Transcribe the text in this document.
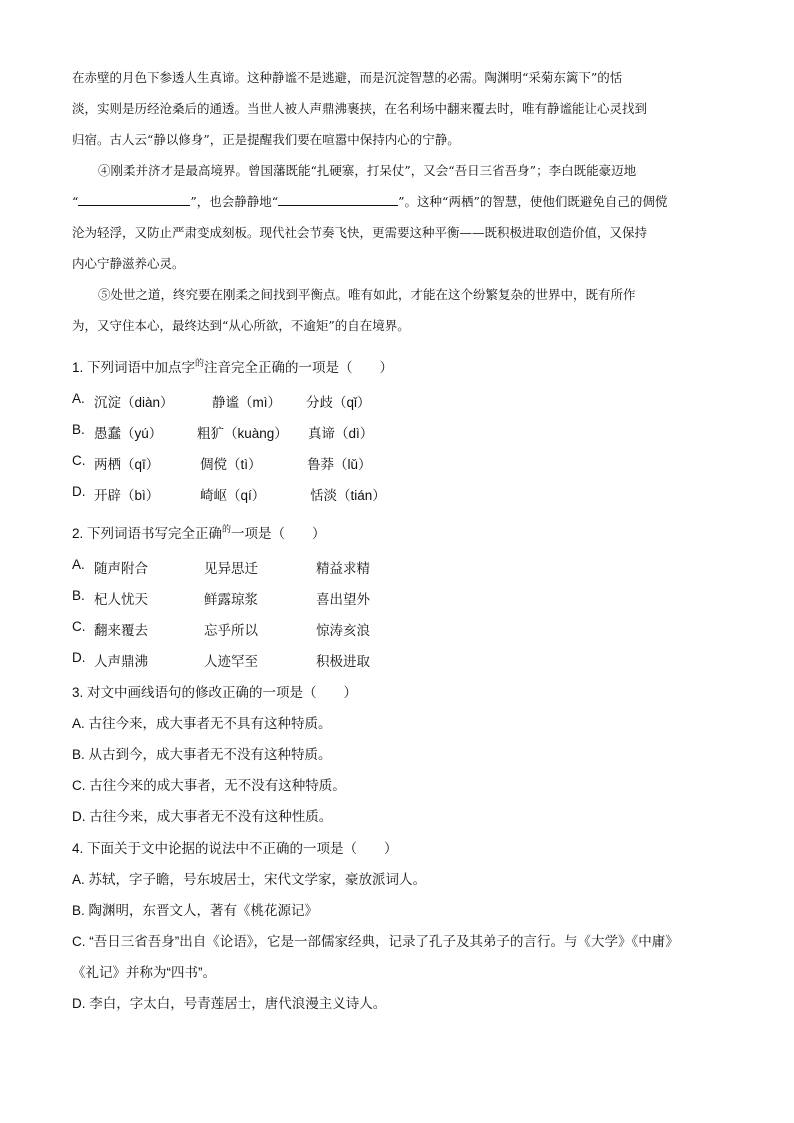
在赤壁的月色下参透人生真谛。这种静谧不是逃避，而是沉淀智慧的必需。陶渊明“采菊东篱下”的恬
淡，实则是历经沧桑后的通透。当世人被人声鼎沸裹挟，在名利场中翻来覆去时，唯有静谧能让心灵找到
归宿。古人云“静以修身”，正是提醒我们要在喧嚣中保持内心的宁静。

④刚柔并济才是最高境界。曾国藩既能“扎硬寨，打呆仗”，又会“吾日三省吾身”；李白既能豪迈地
“	”，也会静静地“	”。这种“两栖”的智慧，使他们既避免自己的倜傥
沦为轻浮，又防止严肃变成刻板。现代社会节奏飞快，更需要这种平衡——既积极进取创造价值，又保持
内心宁静滋养心灵。

⑤处世之道，终究要在刚柔之间找到平衡点。唯有如此，才能在这个纷繁复杂的世界中，既有所作
为，又守住本心，最终达到“从心所欲，不逾矩”的自在境界。

1. 下列词语中加点字$^的$注音完全正确的一项是（　　）
A. 沉淀（diàn）	静谧（mì） 分歧（qǐ）
B. 愚蠢（yú）	粗犷（kuàng） 真谛（dì）
C. 两栖（qī）	倜傥（tì）	鲁莽（lǔ）
D. 开辟（bì）	崎岖（qí）	恬淡（tián）
2. 下列词语书写完全正确$^的$一项是（　　）
A. 随声附合	见异思迁	精益求精
B. 杞人忧天	鲜露琼浆	喜出望外
C. 翻来覆去	忘乎所以	惊涛亥浪
D. 人声鼎沸	人迹罕至	积极进取
3. 对文中画线语句的修改正确的一项是（　　）
A. 古往今来，成大事者无不具有这种特质。
B. 从古到今，成大事者无不没有这种特质。
C. 古往今来的成大事者，无不没有这种特质。
D. 古往今来，成大事者无不没有这种性质。
4. 下面关于文中论据的说法中不正确的一项是（　　）
A. 苏轼，字子瞻，号东坡居士，宋代文学家，豪放派词人。
B. 陶渊明，东晋文人，著有《桃花源记》
C. “吾日三省吾身”出自《论语》，它是一部儒家经典，记录了孔子及其弟子的言行。与《大学》《中庸》
《礼记》并称为“四书”。
D. 李白，字太白，号青莲居士，唐代浪漫主义诗人。
